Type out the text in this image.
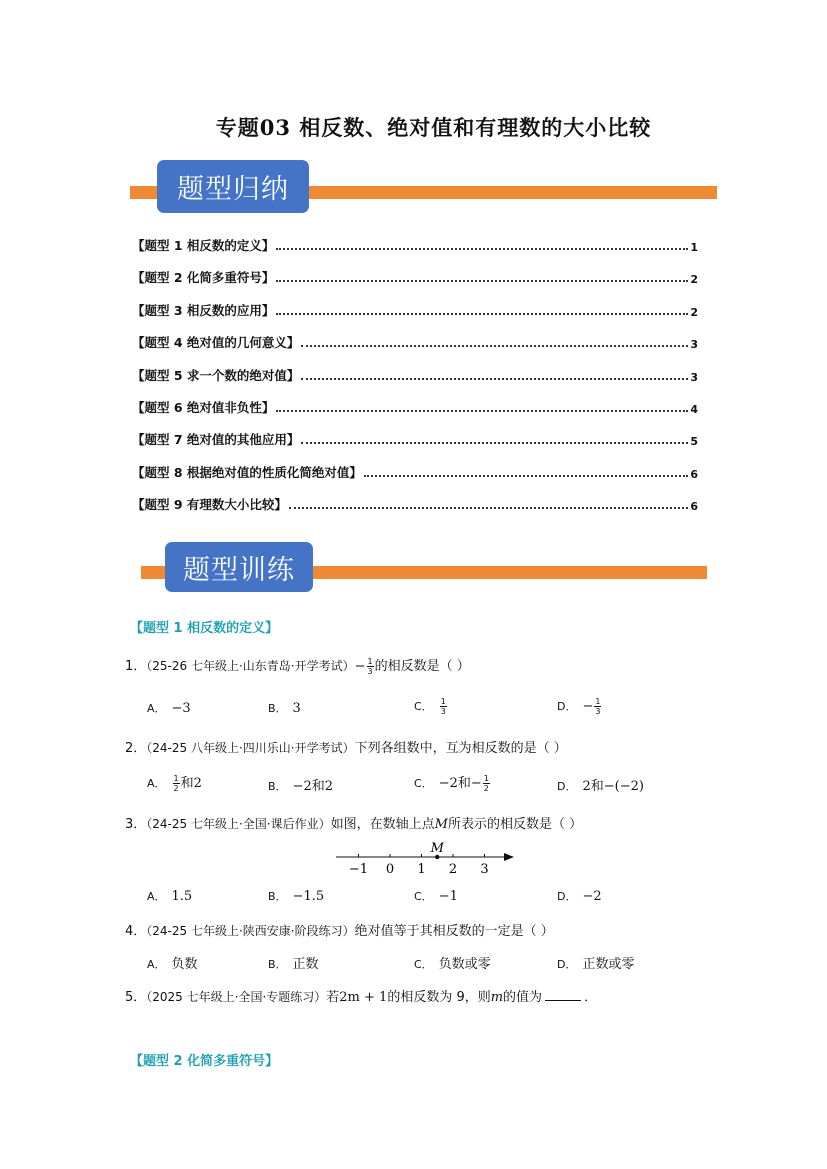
专题03 相反数、绝对值和有理数的大小比较
题型归纳
【题型 1 相反数的定义】	1
【题型 2 化简多重符号】	2
【题型 3 相反数的应用】	2
【题型 4 绝对值的几何意义】	3
【题型 5 求一个数的绝对值】	3
【题型 6 绝对值非负性】	4
【题型 7 绝对值的其他应用】	5
【题型 8 根据绝对值的性质化简绝对值】	6
【题型 9 有理数大小比较】	6
题型训练
【题型 1 相反数的定义】
1．（25-26 七年级上·山东青岛·开学考试）− $\frac{1}{3}$ 的相反数是（ ）
A． −3	B． 3	C． $\frac{1}{3}$	D． − $\frac{1}{3}$
2．（24-25 八年级上·四川乐山·开学考试）下列各组数中，互为相反数的是（ ）
A． $\frac{1}{2}$ 和2	B． −2和2	C． −2和− $\frac{1}{2}$	D． 2和−(−2)
3．（24-25 七年级上·全国·课后作业）如图，在数轴上点M所表示的相反数是（ ）
−1 0 1 2 3
M
A． 1.5	B． −1.5	C． −1	D． −2
4．（24-25 七年级上·陕西安康·阶段练习）绝对值等于其相反数的一定是（ ）
A． 负数	B． 正数	C． 负数或零	D． 正数或零
5．（2025 七年级上·全国·专题练习）若2m + 1的相反数为 9，则m的值为	．
【题型 2 化简多重符号】
